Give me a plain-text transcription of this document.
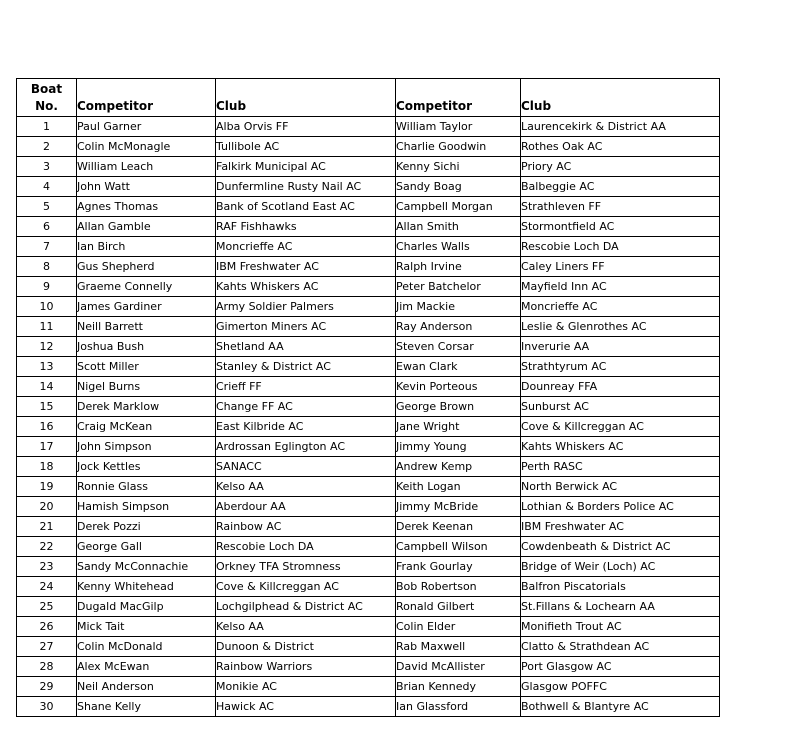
Boat
No.	Competitor	Club	Competitor	Club
1	Paul Garner	Alba Orvis FF	William Taylor	Laurencekirk & District AA
2	Colin McMonagle	Tullibole AC	Charlie Goodwin	Rothes Oak AC
3	William Leach	Falkirk Municipal AC	Kenny Sichi	Priory AC
4	John Watt	Dunfermline Rusty Nail AC	Sandy Boag	Balbeggie AC
5	Agnes Thomas	Bank of Scotland East AC	Campbell Morgan	Strathleven FF
6	Allan Gamble	RAF Fishhawks	Allan Smith	Stormontfield AC
7	Ian Birch	Moncrieffe AC	Charles Walls	Rescobie Loch DA
8	Gus Shepherd	IBM Freshwater AC	Ralph Irvine	Caley Liners FF
9	Graeme Connelly	Kahts Whiskers AC	Peter Batchelor	Mayfield Inn AC
10	James Gardiner	Army Soldier Palmers	Jim Mackie	Moncrieffe AC
11	Neill Barrett	Gimerton Miners AC	Ray Anderson	Leslie & Glenrothes AC
12	Joshua Bush	Shetland AA	Steven Corsar	Inverurie AA
13	Scott Miller	Stanley & District AC	Ewan Clark	Strathtyrum AC
14	Nigel Burns	Crieff FF	Kevin Porteous	Dounreay FFA
15	Derek Marklow	Change FF AC	George Brown	Sunburst AC
16	Craig McKean	East Kilbride AC	Jane Wright	Cove & Killcreggan AC
17	John Simpson	Ardrossan Eglington AC	Jimmy Young	Kahts Whiskers AC
18	Jock Kettles	SANACC	Andrew Kemp	Perth RASC
19	Ronnie Glass	Kelso AA	Keith Logan	North Berwick AC
20	Hamish Simpson	Aberdour AA	Jimmy McBride	Lothian & Borders Police AC
21	Derek Pozzi	Rainbow AC	Derek Keenan	IBM Freshwater AC
22	George Gall	Rescobie Loch DA	Campbell Wilson	Cowdenbeath & District AC
23	Sandy McConnachie	Orkney TFA Stromness	Frank Gourlay	Bridge of Weir (Loch) AC
24	Kenny Whitehead	Cove & Killcreggan AC	Bob Robertson	Balfron Piscatorials
25	Dugald MacGilp	Lochgilphead & District AC	Ronald Gilbert	St.Fillans & Lochearn AA
26	Mick Tait	Kelso AA	Colin Elder	Monifieth Trout AC
27	Colin McDonald	Dunoon & District	Rab Maxwell	Clatto & Strathdean AC
28	Alex McEwan	Rainbow Warriors	David McAllister	Port Glasgow AC
29	Neil Anderson	Monikie AC	Brian Kennedy	Glasgow POFFC
30	Shane Kelly	Hawick AC	Ian Glassford	Bothwell & Blantyre AC
